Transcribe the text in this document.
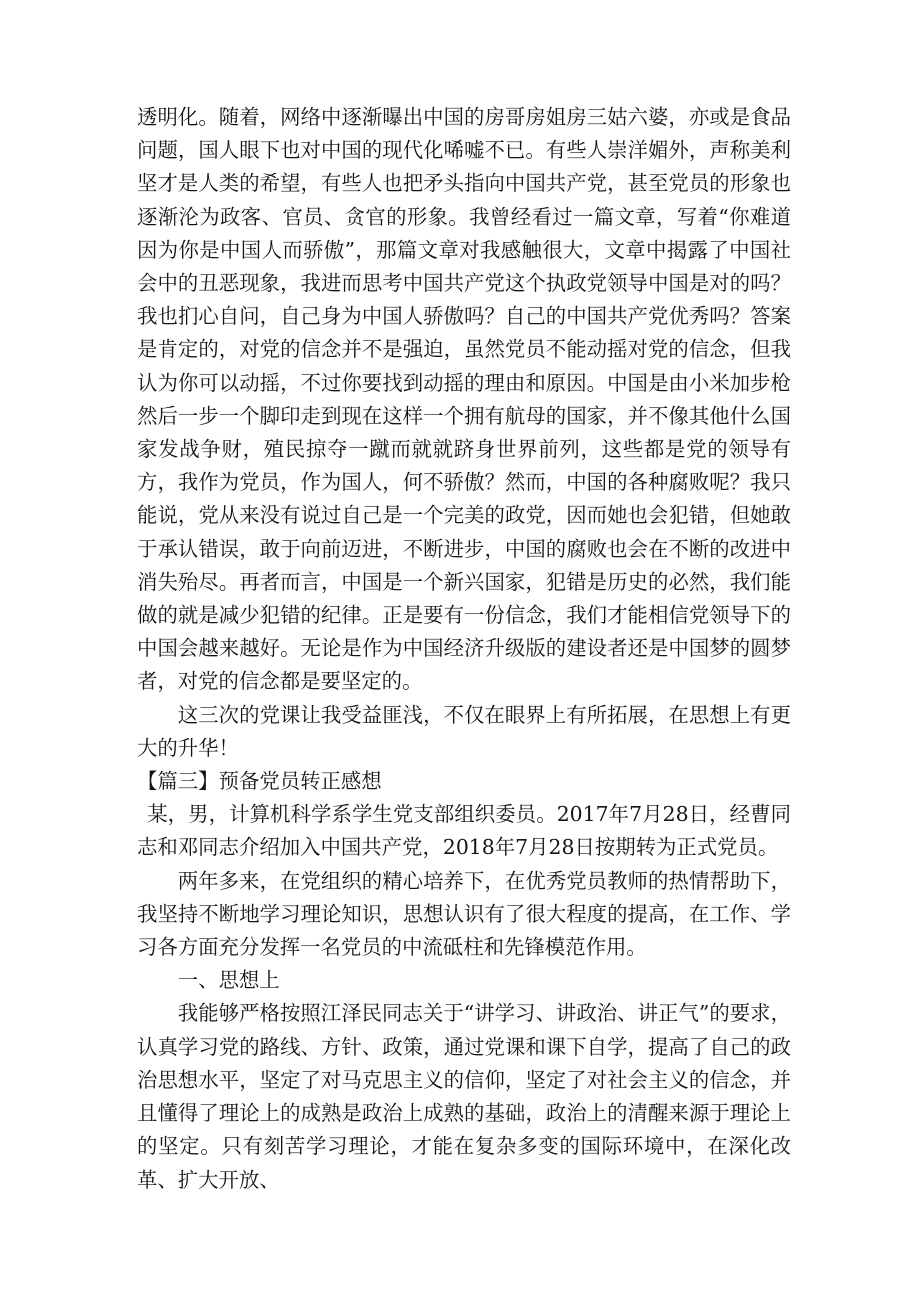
透明化。随着，网络中逐渐曝出中国的房哥房姐房三姑六婆，亦或是食品问题，国人眼下也对中国的现代化唏嘘不已。有些人崇洋媚外，声称美利坚才是人类的希望，有些人也把矛头指向中国共产党，甚至党员的形象也逐渐沦为政客、官员、贪官的形象。我曾经看过一篇文章，写着“你难道因为你是中国人而骄傲”，那篇文章对我感触很大，文章中揭露了中国社会中的丑恶现象，我进而思考中国共产党这个执政党领导中国是对的吗？我也扪心自问，自己身为中国人骄傲吗？自己的中国共产党优秀吗？答案是肯定的，对党的信念并不是强迫，虽然党员不能动摇对党的信念，但我认为你可以动摇，不过你要找到动摇的理由和原因。中国是由小米加步枪然后一步一个脚印走到现在这样一个拥有航母的国家，并不像其他什么国家发战争财，殖民掠夺一蹴而就就跻身世界前列，这些都是党的领导有方，我作为党员，作为国人，何不骄傲？然而，中国的各种腐败呢？我只能说，党从来没有说过自己是一个完美的政党，因而她也会犯错，但她敢于承认错误，敢于向前迈进，不断进步，中国的腐败也会在不断的改进中消失殆尽。再者而言，中国是一个新兴国家，犯错是历史的必然，我们能做的就是减少犯错的纪律。正是要有一份信念，我们才能相信党领导下的中国会越来越好。无论是作为中国经济升级版的建设者还是中国梦的圆梦者，对党的信念都是要坚定的。

这三次的党课让我受益匪浅，不仅在眼界上有所拓展，在思想上有更大的升华！

【篇三】预备党员转正感想

某，男，计算机科学系学生党支部组织委员。2017年7月28日，经曹同志和邓同志介绍加入中国共产党，2018年7月28日按期转为正式党员。

两年多来，在党组织的精心培养下，在优秀党员教师的热情帮助下，我坚持不断地学习理论知识，思想认识有了很大程度的提高，在工作、学习各方面充分发挥一名党员的中流砥柱和先锋模范作用。

一、思想上

我能够严格按照江泽民同志关于“讲学习、讲政治、讲正气”的要求，认真学习党的路线、方针、政策，通过党课和课下自学，提高了自己的政治思想水平，坚定了对马克思主义的信仰，坚定了对社会主义的信念，并且懂得了理论上的成熟是政治上成熟的基础，政治上的清醒来源于理论上的坚定。只有刻苦学习理论，才能在复杂多变的国际环境中，在深化改革、扩大开放、
